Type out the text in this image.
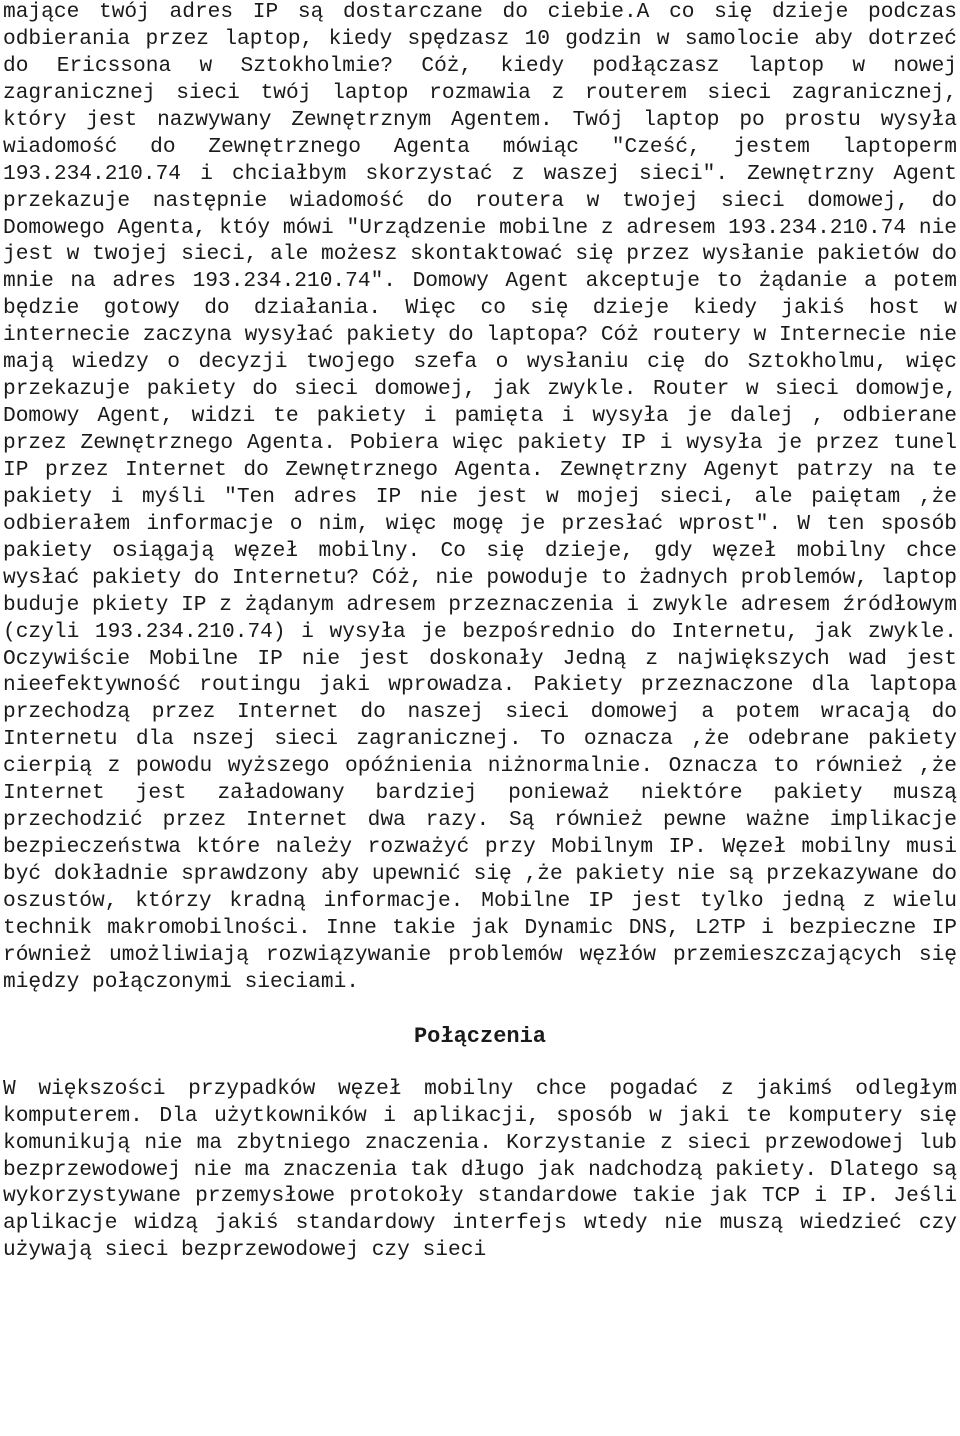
mające twój adres IP są dostarczane do ciebie.A co się dzieje podczas odbierania przez laptop, kiedy spędzasz 10 godzin w samolocie aby dotrzeć do Ericssona w Sztokholmie? Cóż, kiedy podłączasz laptop w nowej zagranicznej sieci twój laptop rozmawia z routerem sieci zagranicznej, który jest nazwywany Zewnętrznym Agentem. Twój laptop po prostu wysyła wiadomość do Zewnętrznego Agenta mówiąc "Cześć, jestem laptoperm 193.234.210.74 i chciałbym skorzystać z waszej sieci". Zewnętrzny Agent przekazuje następnie wiadomość do routera w twojej sieci domowej, do Domowego Agenta, któy mówi "Urządzenie mobilne z adresem 193.234.210.74 nie jest w twojej sieci, ale możesz skontaktować się przez wysłanie pakietów do mnie na adres 193.234.210.74". Domowy Agent akceptuje to żądanie a potem będzie gotowy do działania. Więc co się dzieje kiedy jakiś host w internecie zaczyna wysyłać pakiety do laptopa? Cóż routery w Internecie nie mają wiedzy o decyzji twojego szefa o wysłaniu cię do Sztokholmu, więc przekazuje pakiety do sieci domowej, jak zwykle. Router w sieci domowje, Domowy Agent, widzi te pakiety i pamięta i wysyła je dalej , odbierane przez Zewnętrznego Agenta. Pobiera więc pakiety IP i wysyła je przez tunel IP przez Internet do Zewnętrznego Agenta. Zewnętrzny Agenyt patrzy na te pakiety i myśli "Ten adres IP nie jest w mojej sieci, ale paiętam ,że odbierałem informacje o nim, więc mogę je przesłać wprost". W ten sposób pakiety osiągają węzeł mobilny. Co się dzieje, gdy węzeł mobilny chce wysłać pakiety do Internetu? Cóż, nie powoduje to żadnych problemów, laptop buduje pkiety IP z żądanym adresem przeznaczenia i zwykle adresem źródłowym (czyli 193.234.210.74) i wysyła je bezpośrednio do Internetu, jak zwykle. Oczywiście Mobilne IP nie jest doskonały Jedną z największych wad jest nieefektywność routingu jaki wprowadza. Pakiety przeznaczone dla laptopa przechodzą przez Internet do naszej sieci domowej a potem wracają do Internetu dla nszej sieci zagranicznej. To oznacza ,że odebrane pakiety cierpią z powodu wyższego opóźnienia niżnormalnie. Oznacza to również ,że Internet jest załadowany bardziej ponieważ niektóre pakiety muszą przechodzić przez Internet dwa razy. Są również pewne ważne implikacje bezpieczeństwa które należy rozważyć przy Mobilnym IP. Węzeł mobilny musi być dokładnie sprawdzony aby upewnić się ,że pakiety nie są przekazywane do oszustów, którzy kradną informacje. Mobilne IP jest tylko jedną z wielu technik makromobilności. Inne takie jak Dynamic DNS, L2TP i bezpieczne IP również umożliwiają rozwiązywanie problemów węzłów przemieszczających się między połączonymi sieciami.

Połączenia

W większości przypadków węzeł mobilny chce pogadać z jakimś odległym komputerem. Dla użytkowników i aplikacji, sposób w jaki te komputery się komunikują nie ma zbytniego znaczenia. Korzystanie z sieci przewodowej lub bezprzewodowej nie ma znaczenia tak długo jak nadchodzą pakiety. Dlatego są wykorzystywane przemysłowe protokoły standardowe takie jak TCP i IP. Jeśli aplikacje widzą jakiś standardowy interfejs wtedy nie muszą wiedzieć czy używają sieci bezprzewodowej czy sieci
